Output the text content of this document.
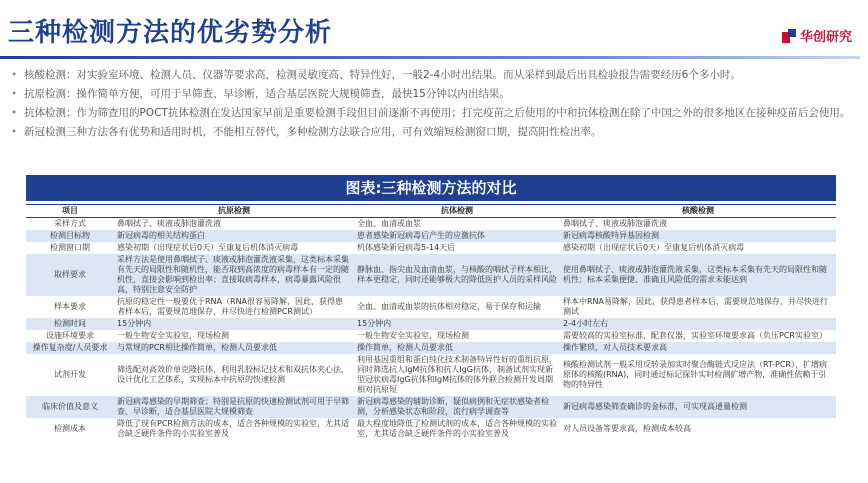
三种检测方法的优劣势分析	华创研究
• 核酸检测：对实验室环境、检测人员、仪器等要求高，检测灵敏度高、特异性好，一般2-4小时出结果。而从采样到最后出具检验报告需要经历6个多小时。
• 抗原检测：操作简单方便，可用于早筛查、早诊断，适合基层医院大规模筛查，最快15分钟以内出结果。
• 抗体检测：作为筛查用的POCT抗体检测在发达国家早前是重要检测手段但目前逐渐不再使用；打完疫苗之后使用的中和抗体检测在除了中国之外的很多地区在接种疫苗后会使用。
• 新冠检测三种方法各有优势和适用时机，不能相互替代，多种检测方法联合应用，可有效缩短检测窗口期，提高阳性检出率。
图表:三种检测方法的对比
项目	抗原检测	抗体检测	核酸检测
采样方式	鼻咽拭子、痰液或肺泡灌洗液	全血、血清或血浆	鼻咽拭子、痰液或肺泡灌洗液
检测目标物	新冠病毒的相关结构蛋白	患者感染新冠病毒后产生的应激抗体	新冠病毒核酸特异基因检测
检测窗口期	感染初期（出现症状后0天）至康复后机体消灭病毒	机体感染新冠病毒5-14天后	感染初期（出现症状后0天）至康复后机体消灭病毒
取样要求	采样方法是使用鼻咽拭子、痰液或肺泡灌洗液采集，这类标本采集有先天的局限性和随机性，能否取到高浓度的病毒样本有一定的随机性，直接会影响到检出率；直接取病毒样本，病毒暴露风险很高，特别注意安全防护	静脉血、指尖血及血清血浆，与核酸的咽拭子样本相比，样本更稳定，同时还能够极大的降低医护人员的采样风险	使用鼻咽拭子、痰液或肺泡灌洗液采集，这类标本采集有先天的局限性和随机性；标本采集便捷、准确且风险低的需求未能达到
样本要求	抗原的稳定性一般要优于RNA（RNA很容易降解，因此，获得患者样本后，需要规范地保存，并尽快进行检测PCR测试）	全血、血清或血浆的抗体相对稳定，易于保存和运输	样本中RNA易降解，因此，获得患者样本后，需要规范地保存，并尽快进行测试
检测时间	15分钟内	15分钟内	2-4小时左右
设施环境要求	一般生物安全实验室，现场检测	一般生物安全实验室，现场检测	需要较高的实验室标准，配套仪器，实验室环境要求高（负压PCR实验室）
操作复杂度/人员要求	与常规的PCR相比操作简单，检测人员要求低	操作简单，检测人员要求低	操作繁琐，对人员技术要求高
试剂开发	筛选配对高效价单克隆抗体，利用乳胶标记技术和双抗体夹心法，设计优化工艺体系，实现标本中抗原的快速检测	利用基因重组和蛋白纯化技术制备特异性好的重组抗原，同时筛选抗人IgM抗体和抗人IgG抗体，制备试剂实现新型冠状病毒IgG抗体和IgM抗体的体外联合检测开发周期相对抗原短	核酸检测试剂一般采用反转录加实时聚合酶链式反应法（RT-PCR），扩增病原体的核酸(RNA)，同时通过标记探针实时检测扩增产物，准确性依赖于引物的特异性
临床价值及意义	新冠病毒感染的早期筛查；特别是抗原的快速检测试剂可用于早筛查、早诊断，适合基层医院大规模筛查	新冠病毒感染的辅助诊断，疑似病例和无症状感染者检测，分析感染状态和阶段，流行病学调查等	新冠病毒感染筛查确诊的金标准，可实现高通量检测
检测成本	降低了现有PCR检测方法的成本，适合各种规模的实验室，尤其适合缺乏硬件条件的小实验室普及	最大程度地降低了检测试剂的成本，适合各种规模的实验室，尤其适合缺乏硬件条件的小实验室普及	对人员设备等要求高，检测成本较高
